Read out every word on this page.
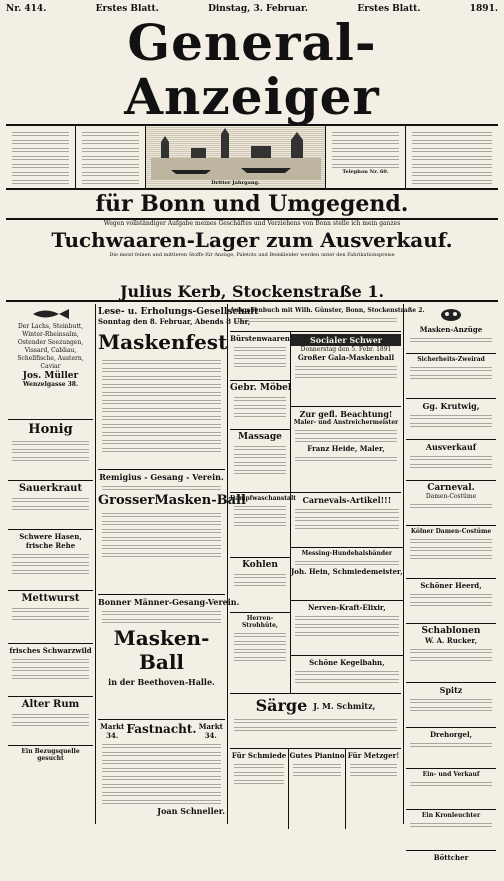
Nr. 414.	Erstes Blatt.	Dinstag, 3. Februar.	Erstes Blatt.	1891.
General-Anzeiger
Dritter Jahrgang.
Telephon Nr. 60.
für Bonn und Umgegend.
Wegen vollständiger Aufgabe meines Geschäftes und Verziehens von Bonn stelle ich mein ganzes
Tuchwaaren-Lager zum Ausverkauf.
Die meist feinen und mittleren Stoffe für Anzüge, Paletots und Beinkleider werden unter den Fabrikationspreise
Julius Kerb, Stockenstraße 1.
Der Lachs, Steinbutt, Winter-Rheinsalm, Ostender Seezungen, Vissard, Cabliau, Schellfische, Austern, Caviar
Jos. Müller
Wenzelgasse 38.
Honig
Sauerkraut
Schwere Hasen, frische Rehe
Mettwurst
frisches Schwarzwild
Alter Rum
Ein Bezugsquelle gesucht
Lese- u. Erholungs-Gesellschaft
Sonntag den 8. Februar, Abends 8 Uhr,
Maskenfest
Remigius - Gesang - Verein.
GrosserMasken-Ball
Bonner Männer-Gesang-Verein.
Masken-Ball
in der Beethoven-Halle.
Markt 34. Fastnacht. Markt 34.
Joan Schneller.
Ausgabenbuch mit Wilh. Günster, Bonn, Stockenstraße 2.
Bürstenwaaren
Gebr. Möbel
Massage
Socialer Schwer
Donnerstag den 5. Febr. 1891
Großer Gala-Maskenball
Zur gefl. Beachtung!
Maler- und Anstreichermeister
Franz Heide, Maler,
Dampfwaschanstalt
Kohlen
Herren-Strohhüte,
Carnevals-Artikel!!!
Messing-Hundehalsbänder
Joh. Hein, Schmiedemeister,
Nerven-Kraft-Elixir,
Schöne Kegelbahn,
Särge J. M. Schmitz,
Für Schmiede Gutes Pianino Für Metzger!
Masken-Anzüge
Sicherheits-Zweirad
Gg. Krutwig,
Ausverkauf
Carneval.
Damen-Costüme
Kölner Damen-Costüme
Schöner Heerd,
Schablonen
W. A. Rucker,
Spitz
Drehorgel,
Ein- und Verkauf
Ein Kronleuchter
Böttcher
